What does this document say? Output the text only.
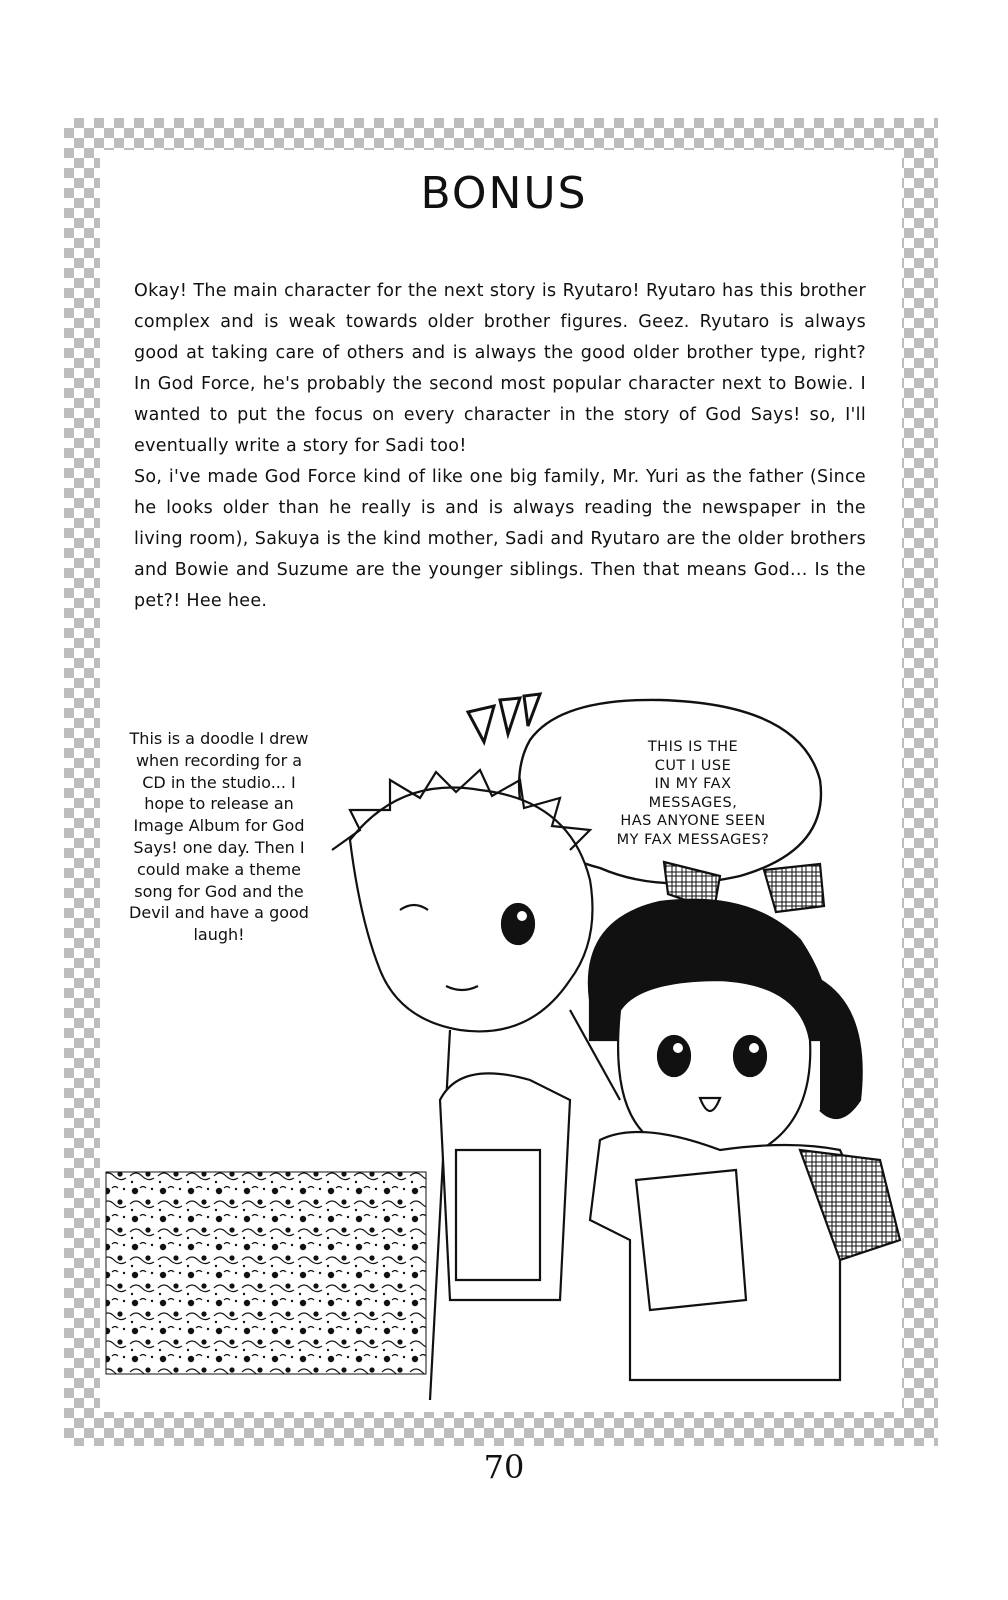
BONUS

Okay! The main character for the next story is Ryutaro! Ryutaro has this brother complex and is weak towards older brother figures. Geez. Ryutaro is always good at taking care of others and is always the good older brother type, right? In God Force, he's probably the second most popular character next to Bowie. I wanted to put the focus on every character in the story of God Says! so, I'll eventually write a story for Sadi too!

So, i've made God Force kind of like one big family, Mr. Yuri as the father (Since he looks older than he really is and is always reading the newspaper in the living room), Sakuya is the kind mother, Sadi and Ryutaro are the older brothers and Bowie and Suzume are the younger siblings. Then that means God... Is the pet?! Hee hee.

This is a doodle I drew when recording for a CD in the studio... I hope to release an Image Album for God Says! one day. Then I could make a theme song for God and the Devil and have a good laugh!
THIS IS THE
CUT I USE
IN MY FAX
MESSAGES,
HAS ANYONE SEEN
MY FAX MESSAGES?
70
